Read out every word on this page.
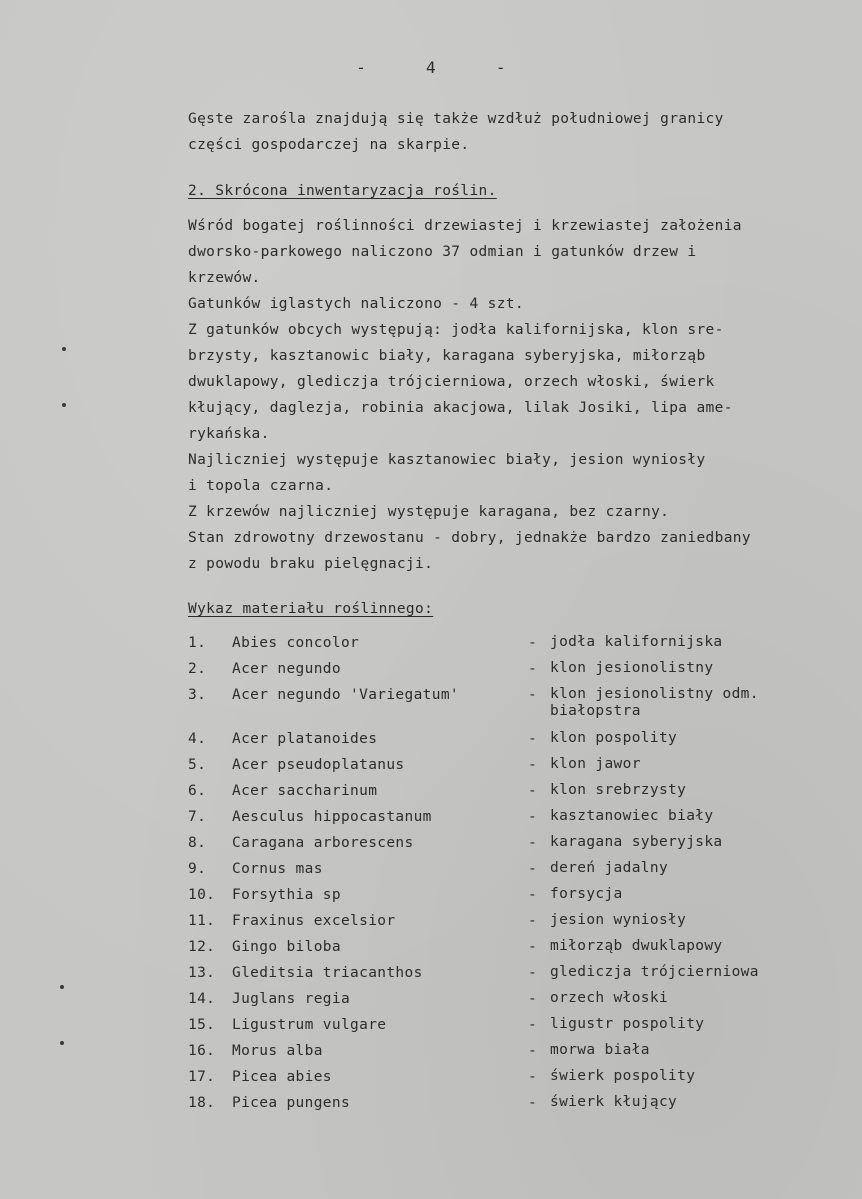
-      4      -
Gęste zarośla znajdują się także wzdłuż południowej granicy
części gospodarczej na skarpie.
2. Skrócona inwentaryzacja roślin.
Wśród bogatej roślinności drzewiastej i krzewiastej założenia
dworsko-parkowego naliczono 37 odmian i gatunków drzew i
krzewów.
Gatunków iglastych naliczono - 4 szt.
Z gatunków obcych występują: jodła kalifornijska, klon sre-
brzysty, kasztanowic biały, karagana syberyjska, miłorząb
dwuklapowy, glediczja trójcierniowa, orzech włoski, świerk
kłujący, daglezja, robinia akacjowa, lilak Josiki, lipa ame-
rykańska.
Najliczniej występuje kasztanowiec biały, jesion wyniosły
i topola czarna.
Z krzewów najliczniej występuje karagana, bez czarny.
Stan zdrowotny drzewostanu - dobry, jednakże bardzo zaniedbany
z powodu braku pielęgnacji.
Wykaz materiału roślinnego:
1. Abies concolor	- jodła kalifornijska
2. Acer negundo	- klon jesionolistny
3. Acer negundo 'Variegatum'	- klon jesionolistny odm.
białopstra
4. Acer platanoides	- klon pospolity
5. Acer pseudoplatanus	- klon jawor
6. Acer saccharinum	- klon srebrzysty
7. Aesculus hippocastanum	- kasztanowiec biały
8. Caragana arborescens	- karagana syberyjska
9. Cornus mas	- dereń jadalny
10. Forsythia sp	- forsycja
11. Fraxinus excelsior	- jesion wyniosły
12. Gingo biloba	- miłorząb dwuklapowy
13. Gleditsia triacanthos	- glediczja trójcierniowa
14. Juglans regia	- orzech włoski
15. Ligustrum vulgare	- ligustr pospolity
16. Morus alba	- morwa biała
17. Picea abies	- świerk pospolity
18. Picea pungens	- świerk kłujący
